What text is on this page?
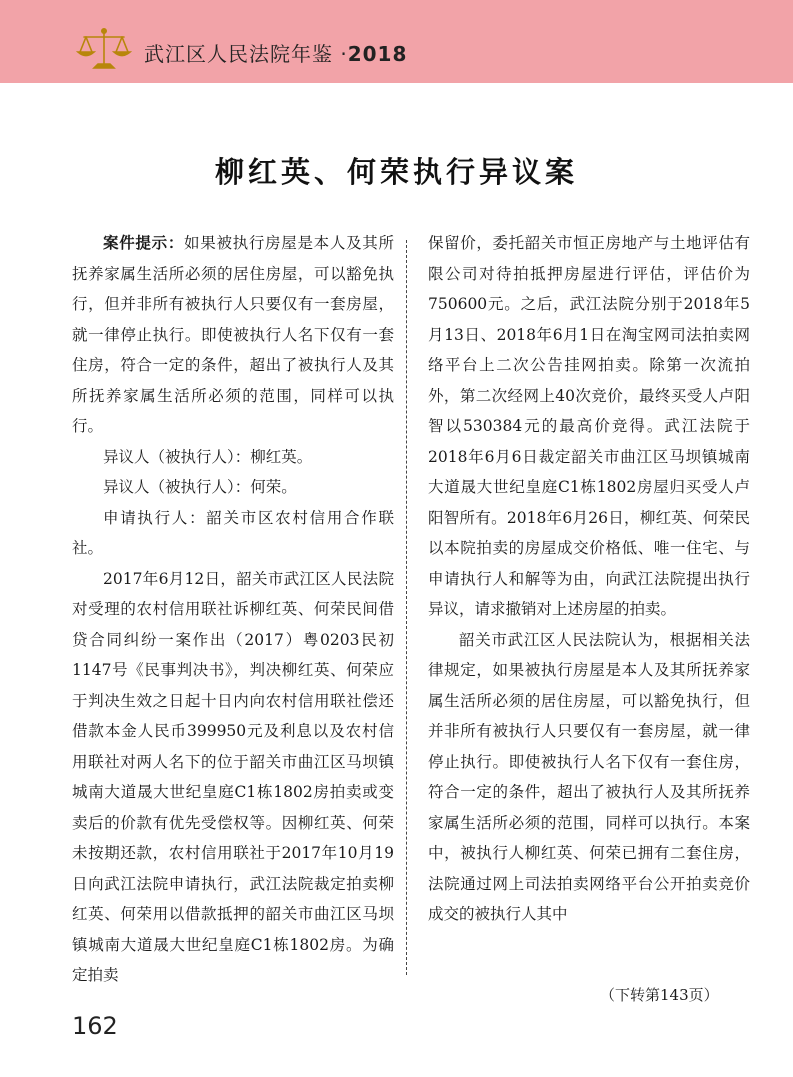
武江区人民法院年鉴 ·2018
柳红英、何荣执行异议案

案件提示：如果被执行房屋是本人及其所抚养家属生活所必须的居住房屋，可以豁免执行，但并非所有被执行人只要仅有一套房屋，就一律停止执行。即使被执行人名下仅有一套住房，符合一定的条件，超出了被执行人及其所抚养家属生活所必须的范围，同样可以执行。

异议人（被执行人）：柳红英。

异议人（被执行人）：何荣。

申请执行人：韶关市区农村信用合作联社。

2017年6月12日，韶关市武江区人民法院对受理的农村信用联社诉柳红英、何荣民间借贷合同纠纷一案作出（2017）粤0203民初1147号《民事判决书》，判决柳红英、何荣应于判决生效之日起十日内向农村信用联社偿还借款本金人民币399950元及利息以及农村信用联社对两人名下的位于韶关市曲江区马坝镇城南大道晟大世纪皇庭C1栋1802房拍卖或变卖后的价款有优先受偿权等。因柳红英、何荣未按期还款，农村信用联社于2017年10月19日向武江法院申请执行，武江法院裁定拍卖柳红英、何荣用以借款抵押的韶关市曲江区马坝镇城南大道晟大世纪皇庭C1栋1802房。为确定拍卖

保留价，委托韶关市恒正房地产与土地评估有限公司对待拍抵押房屋进行评估，评估价为750600元。之后，武江法院分别于2018年5月13日、2018年6月1日在淘宝网司法拍卖网络平台上二次公告挂网拍卖。除第一次流拍外，第二次经网上40次竞价，最终买受人卢阳智以530384元的最高价竞得。武江法院于2018年6月6日裁定韶关市曲江区马坝镇城南大道晟大世纪皇庭C1栋1802房屋归买受人卢阳智所有。2018年6月26日，柳红英、何荣民以本院拍卖的房屋成交价格低、唯一住宅、与申请执行人和解等为由，向武江法院提出执行异议，请求撤销对上述房屋的拍卖。

韶关市武江区人民法院认为，根据相关法律规定，如果被执行房屋是本人及其所抚养家属生活所必须的居住房屋，可以豁免执行，但并非所有被执行人只要仅有一套房屋，就一律停止执行。即使被执行人名下仅有一套住房，符合一定的条件，超出了被执行人及其所抚养家属生活所必须的范围，同样可以执行。本案中，被执行人柳红英、何荣已拥有二套住房，法院通过网上司法拍卖网络平台公开拍卖竞价成交的被执行人其中

（下转第143页）
162
